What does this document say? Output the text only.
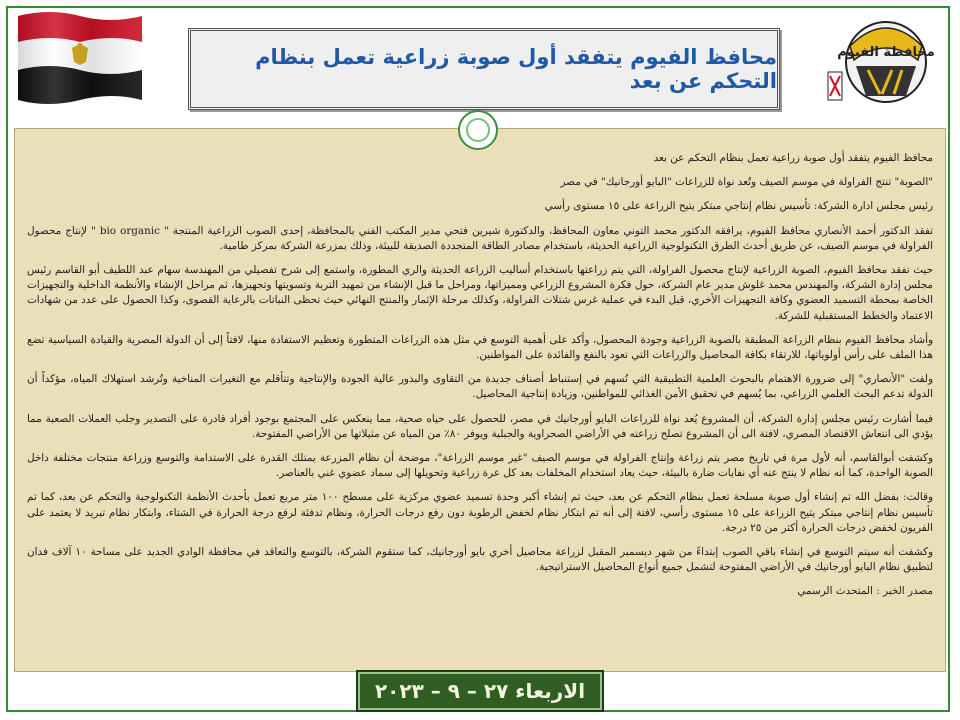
محافظة الفيوم
محافظ الفيوم يتفقد أول صوبة زراعية تعمل بنظام التحكم عن بعد

محافظ الفيوم يتفقد أول صوبة زراعية تعمل بنظام التحكم عن بعد

"الصوبة" تنتج الفراولة في موسم الصيف وتُعد نواة للزراعات "البايو أورجانيك" في مصر

رئيس مجلس ادارة الشركة: تأسيس نظام إنتاجي مبتكر يتيح الزراعة على ١٥ مستوى رأسي

تفقد الدكتور أحمد الأنصاري محافظ الفيوم، يرافقه الدكتور محمد التوني معاون المحافظ، والدكتورة شيرين فتحي مدير المكتب الفني بالمحافظة، إحدى الصوب الزراعية المنتجة " bio organic " لإنتاج محصول الفراولة في موسم الصيف، عن طريق أحدث الطرق التكنولوجية الزراعية الحديثة، باستخدام مصادر الطاقة المتجددة الصديقة للبيئة، وذلك بمزرعة الشركة بمركز طامية.

حيث تفقد محافظ الفيوم، الصوبة الزراعية لإنتاج محصول الفراولة، التي يتم زراعتها باستخدام أساليب الزراعة الحديثة والري المطورة، واستمع إلى شرح تفصيلي من المهندسة سهام عبد اللطيف أبو القاسم رئيس مجلس إدارة الشركة، والمهندس محمد غلوش مدير عام الشركة، حول فكرة المشروع الزراعي ومميزاتها، ومراحل ما قبل الإنشاء من تمهيد التربة وتسويتها وتجهيزها، ثم مراحل الإنشاء والأنظمة الداخلية والتجهيزات الخاصة بمحطة التسميد العضوي وكافة التجهيزات الأخري، قبل البدء في عملية غرس شتلات الفراولة، وكذلك مرحلة الإثمار والمنتج النهائي حيث تحظى النباتات بالرعاية القصوى، وكذا الحصول على عدد من شهادات الاعتماد والخطط المستقبلية للشركة.

وأشاد محافظ الفيوم بنظام الزراعة المطبقة بالصوبة الزراعية وجودة المحصول، وأكد على أهمية التوسع في مثل هذه الزراعات المتطورة وتعظيم الاستفادة منها، لافتاً إلى أن الدولة المصرية والقيادة السياسية تضع هذا الملف على رأس أولوياتها، للارتقاء بكافة المحاصيل والزراعات التي تعود بالنفع والفائدة على المواطنين.

ولفت "الأنصاري" إلى ضرورة الاهتمام بالبحوث العلمية التطبيقية التي تُسهم في إستنباط أصناف جديدة من التقاوى والبذور عالية الجودة والإنتاجية وتتأقلم مع التغيرات المناخية وتُرشد استهلاك المياه، مؤكداً أن الدولة تدعم البحث العلمي الزراعي، بما يُسهم في تحقيق الأمن الغذائي للمواطنين، وزيادة إنتاجية المحاصيل.

فيما أشارت رئيس مجلس إدارة الشركة، أن المشروع يُعد نواة للزراعات البايو أورجانيك في مصر، للحصول على حياه صحية، مما ينعكس على المجتمع بوجود أفراد قادرة على التصدير وجلب العملات الصعبة مما يؤدي الى انتعاش الاقتصاد المصري، لافتة الى أن المشروع تصلح زراعته في الأراضي الصحراوية والجبلية ويوفر ٨٠٪ من المياه عن مثيلاتها من الأراضي المفتوحة.

وكشفت أبوالقاسم، أنه لأول مرة في تاريخ مصر يتم زراعة وإنتاج الفراولة في موسم الصيف "غير موسم الزراعة"، موضحة أن نظام المزرعة يمتلك القدرة على الاستدامة والتوسع وزراعة منتجات مختلفة داخل الصوبة الواحدة، كما أنه نظام لا ينتج عنه أي نفايات ضارة بالبيئة، حيث يعاد استخدام المخلفات بعد كل عرة زراعية وتحويلها إلى سماد عضوي غني بالعناصر.

وقالت: بفضل الله تم إنشاء أول صوبة مسلحة تعمل بنظام التحكم عن بعد، حيث تم إنشاء أكبر وحدة تسميد عضوي مركزية على مسطح ١٠٠ متر مربع تعمل بأحدث الأنظمة التكنولوجية والتحكم عن بعد، كما تم تأسيس نظام إنتاجي مبتكر يتيح الزراعة على ١٥ مستوى رأسي، لافتة إلى أنه تم ابتكار نظام لخفض الرطوبة دون رفع درجات الحرارة، ونظام تدفئة لرفع درجة الحرارة في الشتاء، وابتكار نظام تبريد لا يعتمد على الفريون لخفض درجات الحرارة أكثر من ٢٥ درجة.

وكشفت أنه سيتم التوسع في إنشاء باقي الصوب إبتداءً من شهر ديسمبر المقبل لزراعة محاصيل أخري بايو أورجانيك، كما ستقوم الشركة، بالتوسع والتعاقد في محافظة الوادي الجديد على مساحة ١٠ آلاف فدان لتطبيق نظام البايو أورجانيك في الأراضي المفتوحة لتشمل جميع أنواع المحاصيل الاستراتيجية.

مصدر الخبر : المتحدث الرسمي

الاربعاء ٢٧ – ٩ – ٢٠٢٣
